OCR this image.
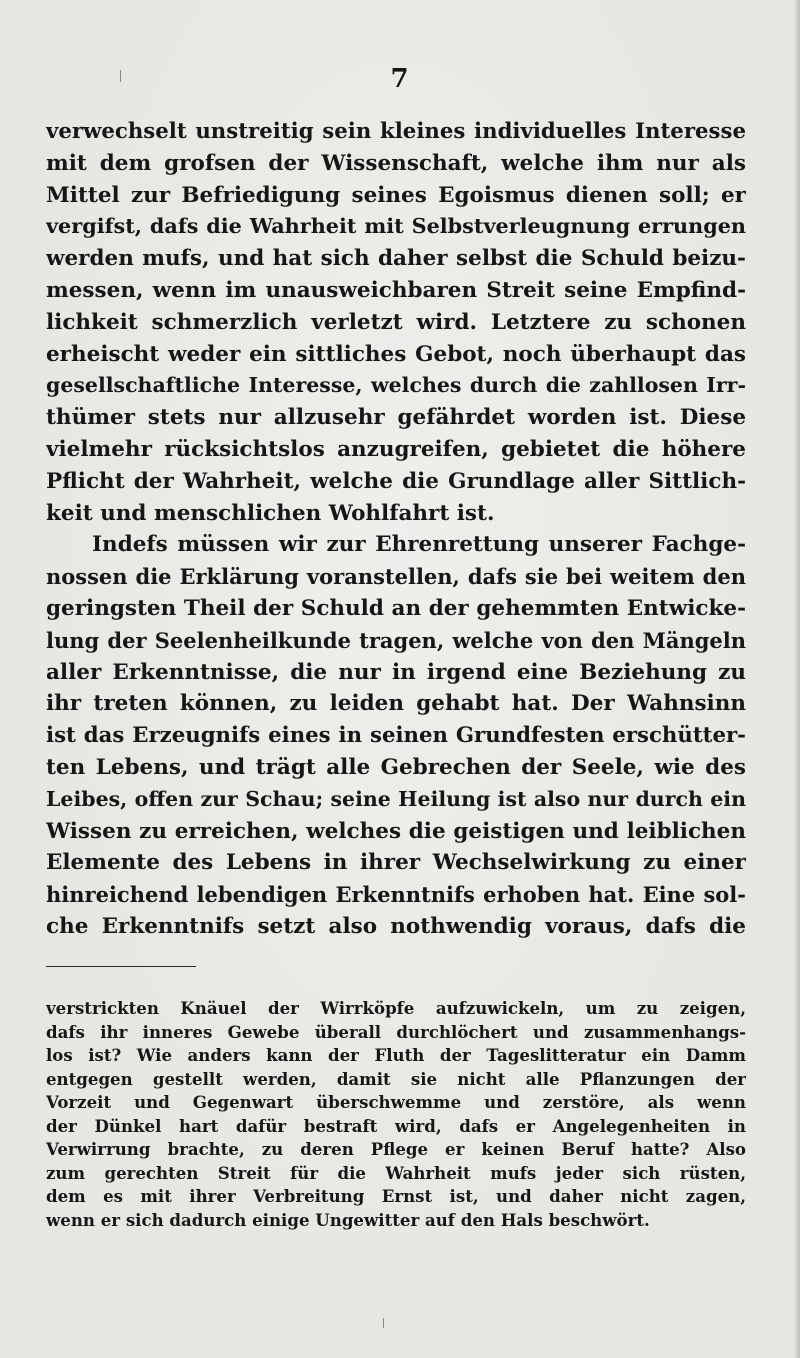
7
verwechselt unstreitig sein kleines individuelles Interesse
mit dem grofsen der Wissenschaft, welche ihm nur als
Mittel zur Befriedigung seines Egoismus dienen soll; er
vergifst, dafs die Wahrheit mit Selbstverleugnung errungen
werden mufs, und hat sich daher selbst die Schuld beizu-
messen, wenn im unausweichbaren Streit seine Empfind-
lichkeit schmerzlich verletzt wird. Letztere zu schonen
erheischt weder ein sittliches Gebot, noch überhaupt das
gesellschaftliche Interesse, welches durch die zahllosen Irr-
thümer stets nur allzusehr gefährdet worden ist. Diese
vielmehr rücksichtslos anzugreifen, gebietet die höhere
Pflicht der Wahrheit, welche die Grundlage aller Sittlich-
keit und menschlichen Wohlfahrt ist.
Indefs müssen wir zur Ehrenrettung unserer Fachge-
nossen die Erklärung voranstellen, dafs sie bei weitem den
geringsten Theil der Schuld an der gehemmten Entwicke-
lung der Seelenheilkunde tragen, welche von den Mängeln
aller Erkenntnisse, die nur in irgend eine Beziehung zu
ihr treten können, zu leiden gehabt hat. Der Wahnsinn
ist das Erzeugnifs eines in seinen Grundfesten erschütter-
ten Lebens, und trägt alle Gebrechen der Seele, wie des
Leibes, offen zur Schau; seine Heilung ist also nur durch ein
Wissen zu erreichen, welches die geistigen und leiblichen
Elemente des Lebens in ihrer Wechselwirkung zu einer
hinreichend lebendigen Erkenntnifs erhoben hat. Eine sol-
che Erkenntnifs setzt also nothwendig voraus, dafs die
verstrickten Knäuel der Wirrköpfe aufzuwickeln, um zu zeigen,
dafs ihr inneres Gewebe überall durchlöchert und zusammenhangs-
los ist? Wie anders kann der Fluth der Tageslitteratur ein Damm
entgegen gestellt werden, damit sie nicht alle Pflanzungen der
Vorzeit und Gegenwart überschwemme und zerstöre, als wenn
der Dünkel hart dafür bestraft wird, dafs er Angelegenheiten in
Verwirrung brachte, zu deren Pflege er keinen Beruf hatte? Also
zum gerechten Streit für die Wahrheit mufs jeder sich rüsten,
dem es mit ihrer Verbreitung Ernst ist, und daher nicht zagen,
wenn er sich dadurch einige Ungewitter auf den Hals beschwört.
